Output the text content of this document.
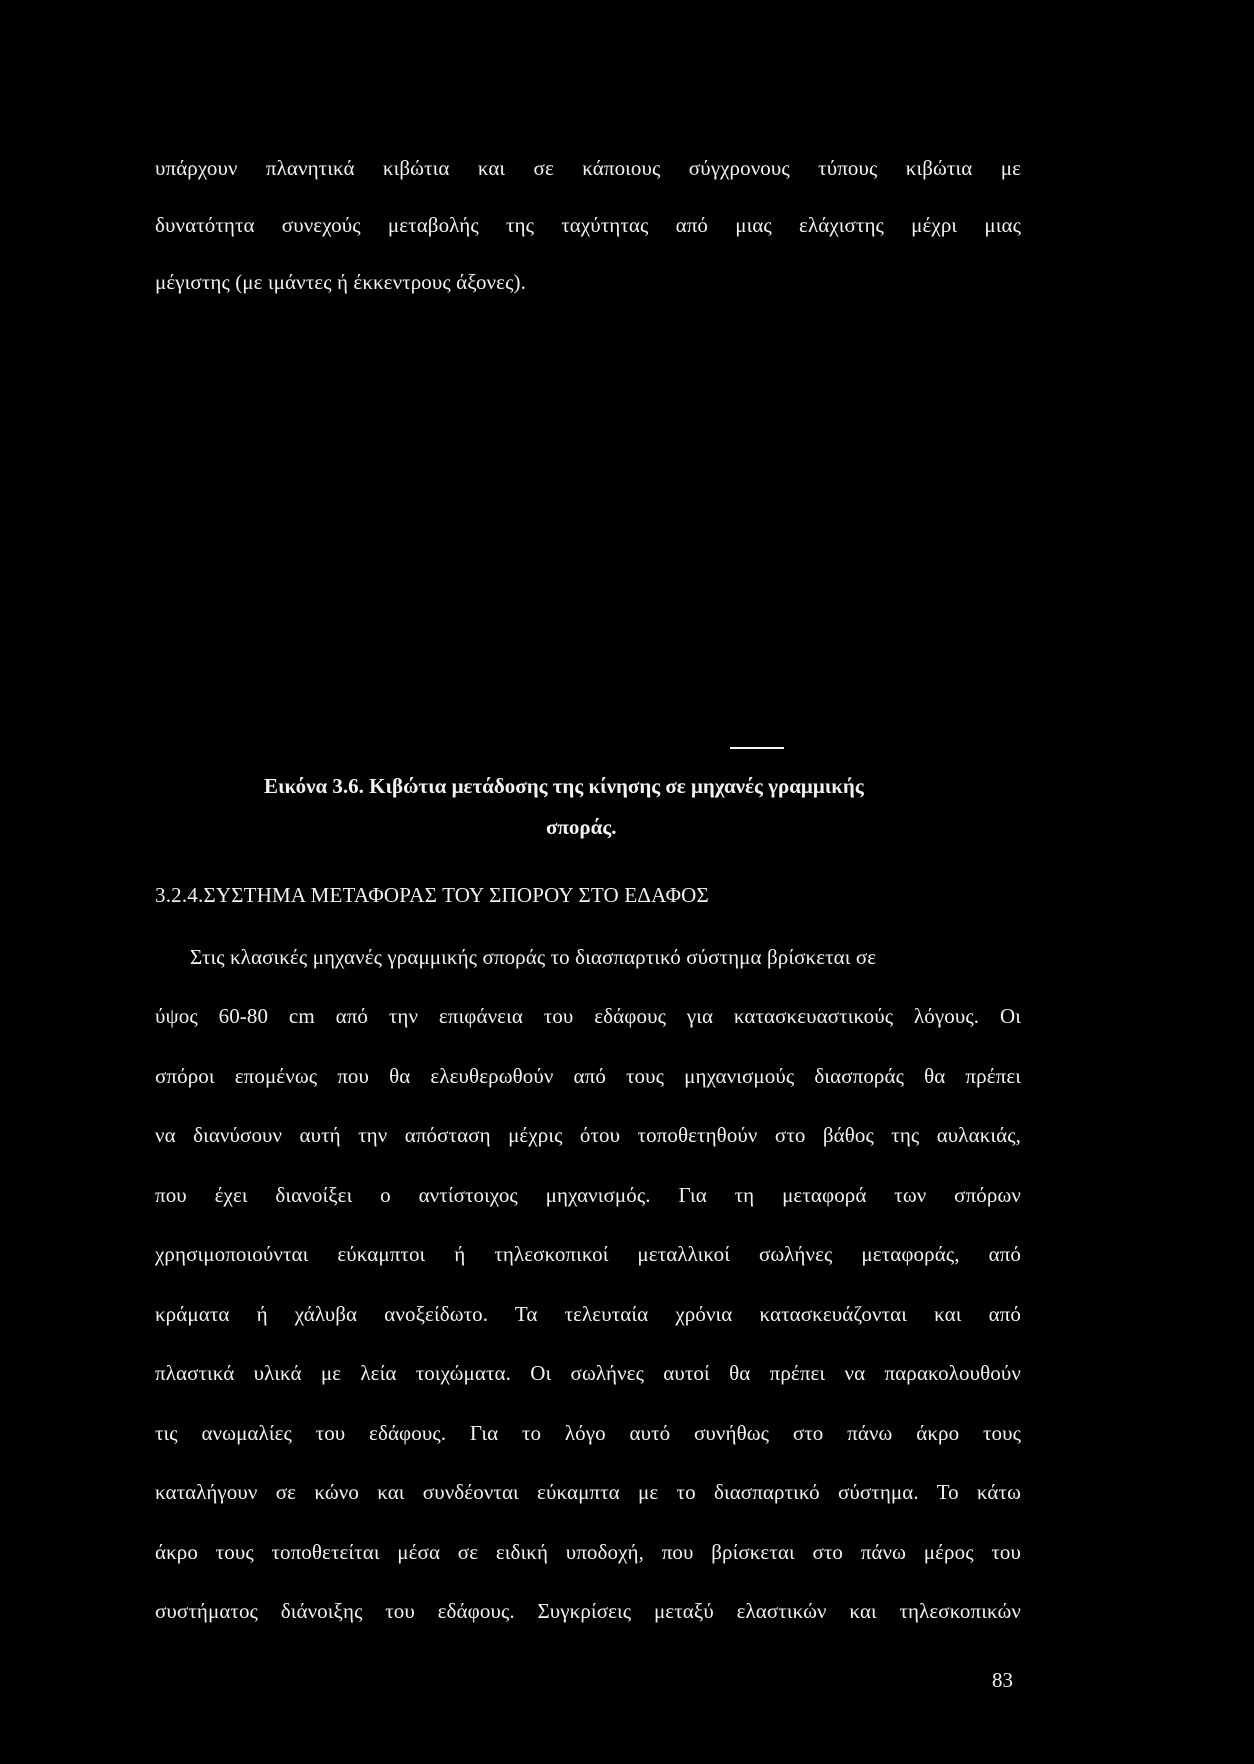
υπάρχουν πλανητικά κιβώτια και σε κάποιους σύγχρονους τύπους κιβώτια με
δυνατότητα συνεχούς μεταβολής της ταχύτητας από μιας ελάχιστης μέχρι μιας
μέγιστης (με ιμάντες ή έκκεντρους άξονες).
Εικόνα 3.6. Κιβώτια μετάδοσης της κίνησης σε μηχανές γραμμικής
σποράς.
3.2.4.ΣΥΣΤΗΜΑ ΜΕΤΑΦΟΡΑΣ ΤΟΥ ΣΠΟΡΟΥ ΣΤΟ ΕΔΑΦΟΣ
Στις κλασικές μηχανές γραμμικής σποράς το διασπαρτικό σύστημα βρίσκεται σε
ύψος 60-80 cm από την επιφάνεια του εδάφους για κατασκευαστικούς λόγους. Οι
σπόροι επομένως που θα ελευθερωθούν από τους μηχανισμούς διασποράς θα πρέπει
να διανύσουν αυτή την απόσταση μέχρις ότου τοποθετηθούν στο βάθος της αυλακιάς,
που έχει διανοίξει ο αντίστοιχος μηχανισμός. Για τη μεταφορά των σπόρων
χρησιμοποιούνται εύκαμπτοι ή τηλεσκοπικοί μεταλλικοί σωλήνες μεταφοράς, από
κράματα ή χάλυβα ανοξείδωτο. Τα τελευταία χρόνια κατασκευάζονται και από
πλαστικά υλικά με λεία τοιχώματα. Οι σωλήνες αυτοί θα πρέπει να παρακολουθούν
τις ανωμαλίες του εδάφους. Για το λόγο αυτό συνήθως στο πάνω άκρο τους
καταλήγουν σε κώνο και συνδέονται εύκαμπτα με το διασπαρτικό σύστημα. Το κάτω
άκρο τους τοποθετείται μέσα σε ειδική υποδοχή, που βρίσκεται στο πάνω μέρος του
συστήματος διάνοιξης του εδάφους. Συγκρίσεις μεταξύ ελαστικών και τηλεσκοπικών
83
